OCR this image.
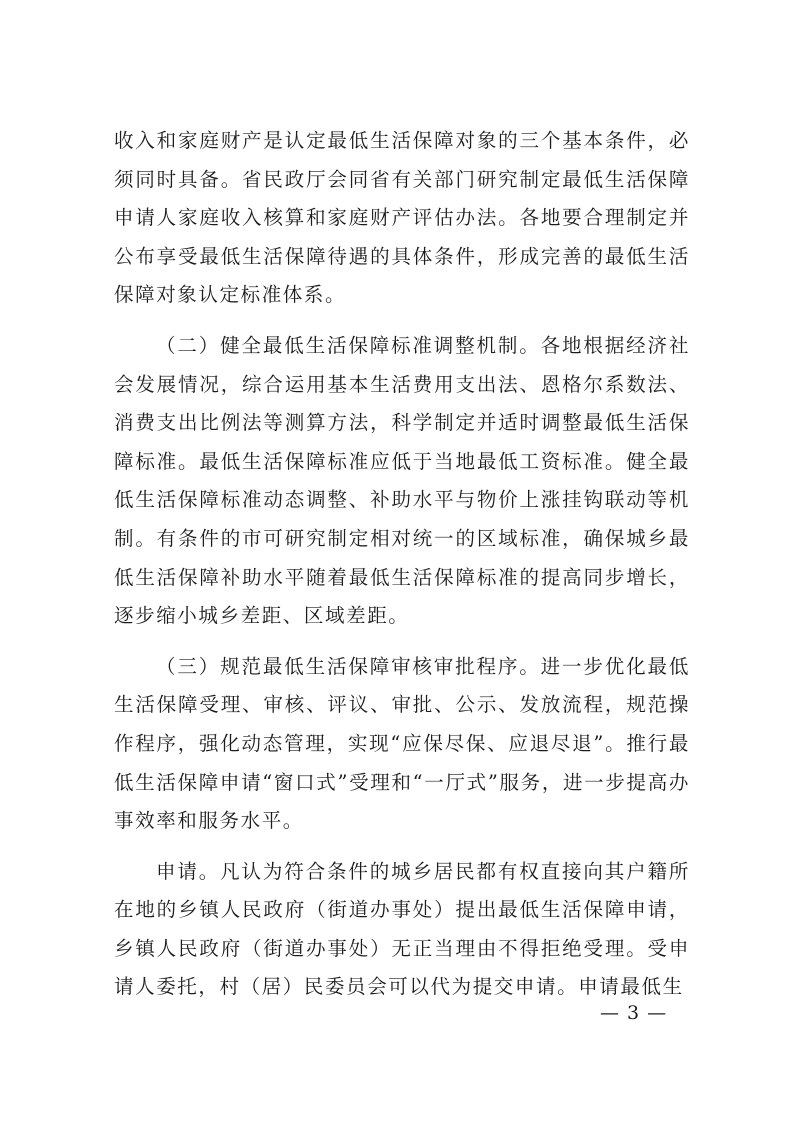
收入和家庭财产是认定最低生活保障对象的三个基本条件，必须同时具备。省民政厅会同省有关部门研究制定最低生活保障申请人家庭收入核算和家庭财产评估办法。各地要合理制定并公布享受最低生活保障待遇的具体条件，形成完善的最低生活保障对象认定标准体系。

（二）健全最低生活保障标准调整机制。各地根据经济社会发展情况，综合运用基本生活费用支出法、恩格尔系数法、消费支出比例法等测算方法，科学制定并适时调整最低生活保障标准。最低生活保障标准应低于当地最低工资标准。健全最低生活保障标准动态调整、补助水平与物价上涨挂钩联动等机制。有条件的市可研究制定相对统一的区域标准，确保城乡最低生活保障补助水平随着最低生活保障标准的提高同步增长，逐步缩小城乡差距、区域差距。

（三）规范最低生活保障审核审批程序。进一步优化最低生活保障受理、审核、评议、审批、公示、发放流程，规范操作程序，强化动态管理，实现“应保尽保、应退尽退”。推行最低生活保障申请“窗口式”受理和“一厅式”服务，进一步提高办事效率和服务水平。

申请。凡认为符合条件的城乡居民都有权直接向其户籍所在地的乡镇人民政府（街道办事处）提出最低生活保障申请，乡镇人民政府（街道办事处）无正当理由不得拒绝受理。受申请人委托，村（居）民委员会可以代为提交申请。申请最低生

— 3 —
